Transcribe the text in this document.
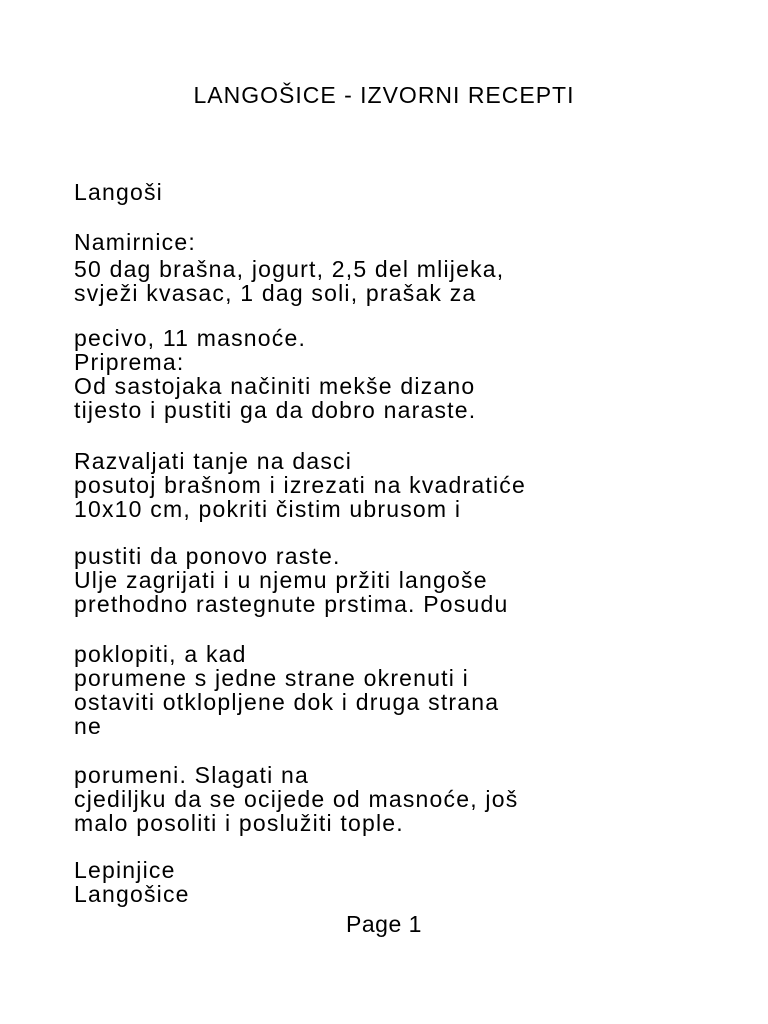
LANGOŠICE - IZVORNI RECEPTI
Langoši
Namirnice:
50 dag brašna, jogurt, 2,5 del mlijeka,
svježi kvasac, 1 dag soli, prašak za
pecivo, 11 masnoće.
Priprema:
Od sastojaka načiniti mekše dizano
tijesto i pustiti ga da dobro naraste.
Razvaljati tanje na dasci
posutoj brašnom i izrezati na kvadratiće
10x10 cm, pokriti čistim ubrusom i
pustiti da ponovo raste.
Ulje zagrijati i u njemu pržiti langoše
prethodno rastegnute prstima. Posudu
poklopiti, a kad
porumene s jedne strane okrenuti i
ostaviti otklopljene dok i druga strana
ne
porumeni. Slagati na
cjediljku da se ocijede od masnoće, još
malo posoliti i poslužiti tople.
Lepinjice
Langošice
Page 1
